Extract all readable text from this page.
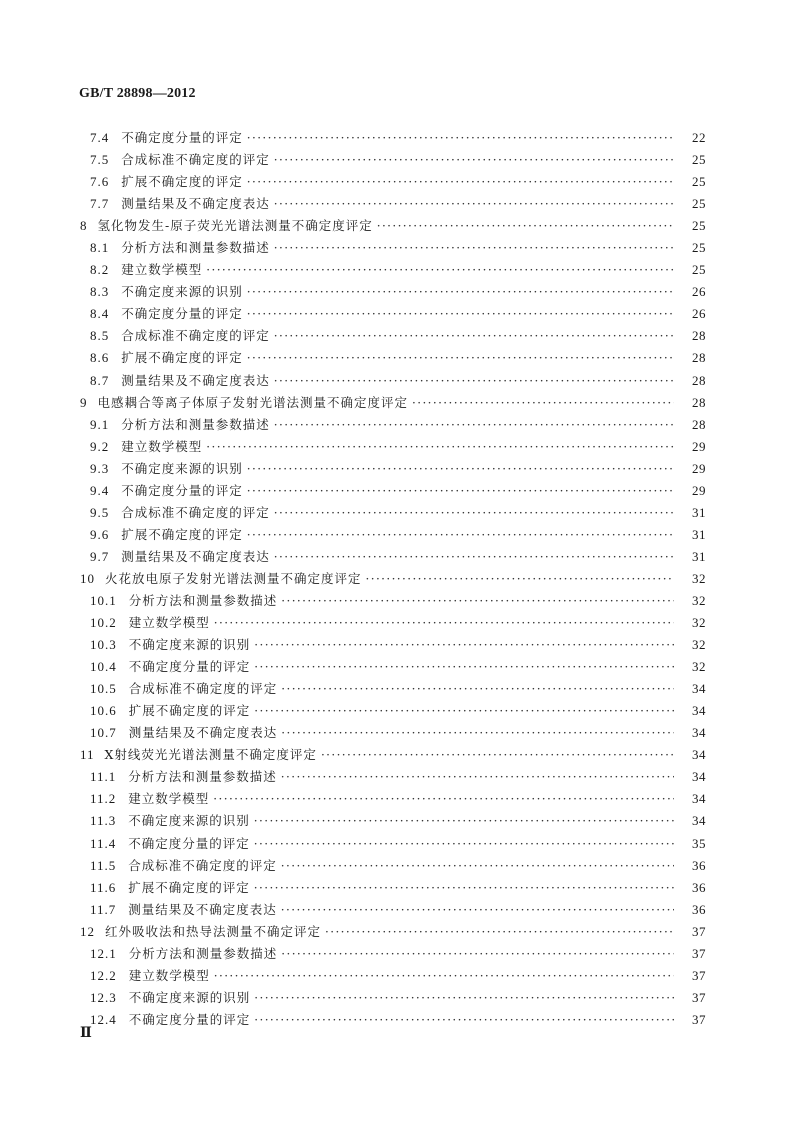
GB/T 28898—2012
7.4 不确定度分量的评定 ·····	22
7.5 合成标准不确定度的评定 ·····	25
7.6 扩展不确定度的评定 ·····	25
7.7 测量结果及不确定度表达 ·····	25
8 氢化物发生-原子荧光光谱法测量不确定度评定 ·····	25
8.1 分析方法和测量参数描述 ·····	25
8.2 建立数学模型 ·····	25
8.3 不确定度来源的识别 ·····	26
8.4 不确定度分量的评定 ·····	26
8.5 合成标准不确定度的评定 ·····	28
8.6 扩展不确定度的评定 ·····	28
8.7 测量结果及不确定度表达 ·····	28
9 电感耦合等离子体原子发射光谱法测量不确定度评定 ·····	28
9.1 分析方法和测量参数描述 ·····	28
9.2 建立数学模型 ·····	29
9.3 不确定度来源的识别 ·····	29
9.4 不确定度分量的评定 ·····	29
9.5 合成标准不确定度的评定 ·····	31
9.6 扩展不确定度的评定 ·····	31
9.7 测量结果及不确定度表达 ·····	31
10 火花放电原子发射光谱法测量不确定度评定 ·····	32
10.1 分析方法和测量参数描述 ·····	32
10.2 建立数学模型 ·····	32
10.3 不确定度来源的识别 ·····	32
10.4 不确定度分量的评定 ·····	32
10.5 合成标准不确定度的评定 ·····	34
10.6 扩展不确定度的评定 ·····	34
10.7 测量结果及不确定度表达 ·····	34
11 X射线荧光光谱法测量不确定度评定 ·····	34
11.1 分析方法和测量参数描述 ·····	34
11.2 建立数学模型 ·····	34
11.3 不确定度来源的识别 ·····	34
11.4 不确定度分量的评定 ·····	35
11.5 合成标准不确定度的评定 ·····	36
11.6 扩展不确定度的评定 ·····	36
11.7 测量结果及不确定度表达 ·····	36
12 红外吸收法和热导法测量不确定评定 ·····	37
12.1 分析方法和测量参数描述 ·····	37
12.2 建立数学模型 ·····	37
12.3 不确定度来源的识别 ·····	37
12.4 不确定度分量的评定 ·····	37
Ⅱ
